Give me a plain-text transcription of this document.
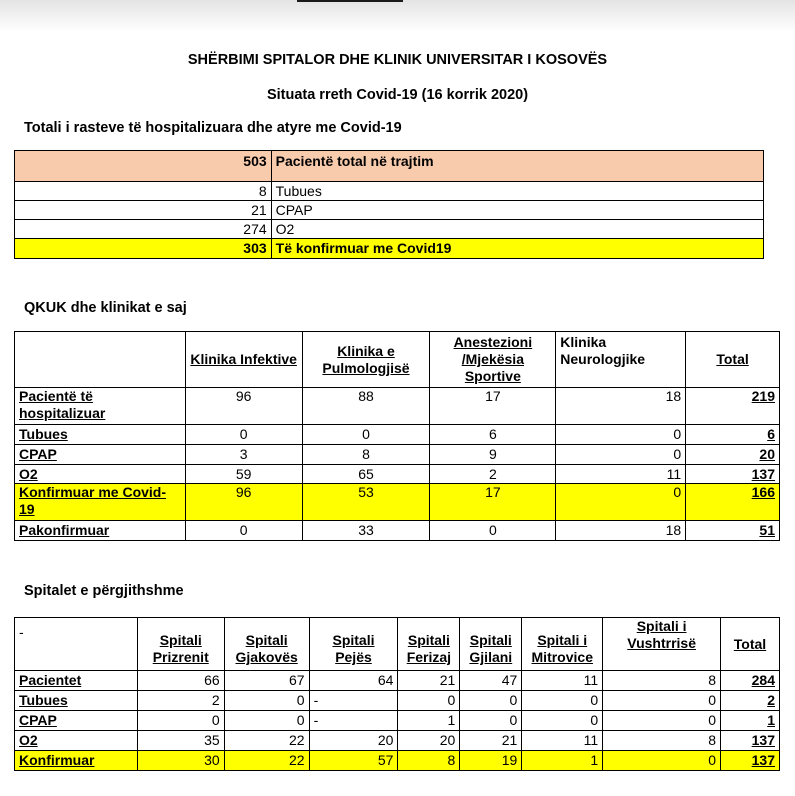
SHËRBIMI SPITALOR DHE KLINIK UNIVERSITAR I KOSOVËS
Situata rreth Covid-19 (16 korrik 2020)
Totali i rasteve të hospitalizuara dhe atyre me Covid-19
503	Pacientë total në trajtim
8	Tubues
21	CPAP
274	O2
303	Të konfirmuar me Covid19
QKUK dhe klinikat e saj
	Klinika Infektive	Klinika e Pulmologjisë	Anestezioni /Mjekësia Sportive	Klinika Neurologjike	Total
Pacientë të hospitalizuar	96	88	17	18	219
Tubues	0	0	6	0	6
CPAP	3	8	9	0	20
O2	59	65	2	11	137
Konfirmuar me Covid-19	96	53	17	0	166
Pakonfirmuar	0	33	0	18	51
Spitalet e përgjithshme
-	Spitali Prizrenit	Spitali Gjakovës	Spitali Pejës	Spitali Ferizaj	Spitali Gjilani	Spitali i Mitrovice	Spitali i Vushtrrisë	Total
Pacientet	66	67	64	21	47	11	8	284
Tubues	2	0	-	0	0	0	0	2
CPAP	0	0	-	1	0	0	0	1
O2	35	22	20	20	21	11	8	137
Konfirmuar	30	22	57	8	19	1	0	137
